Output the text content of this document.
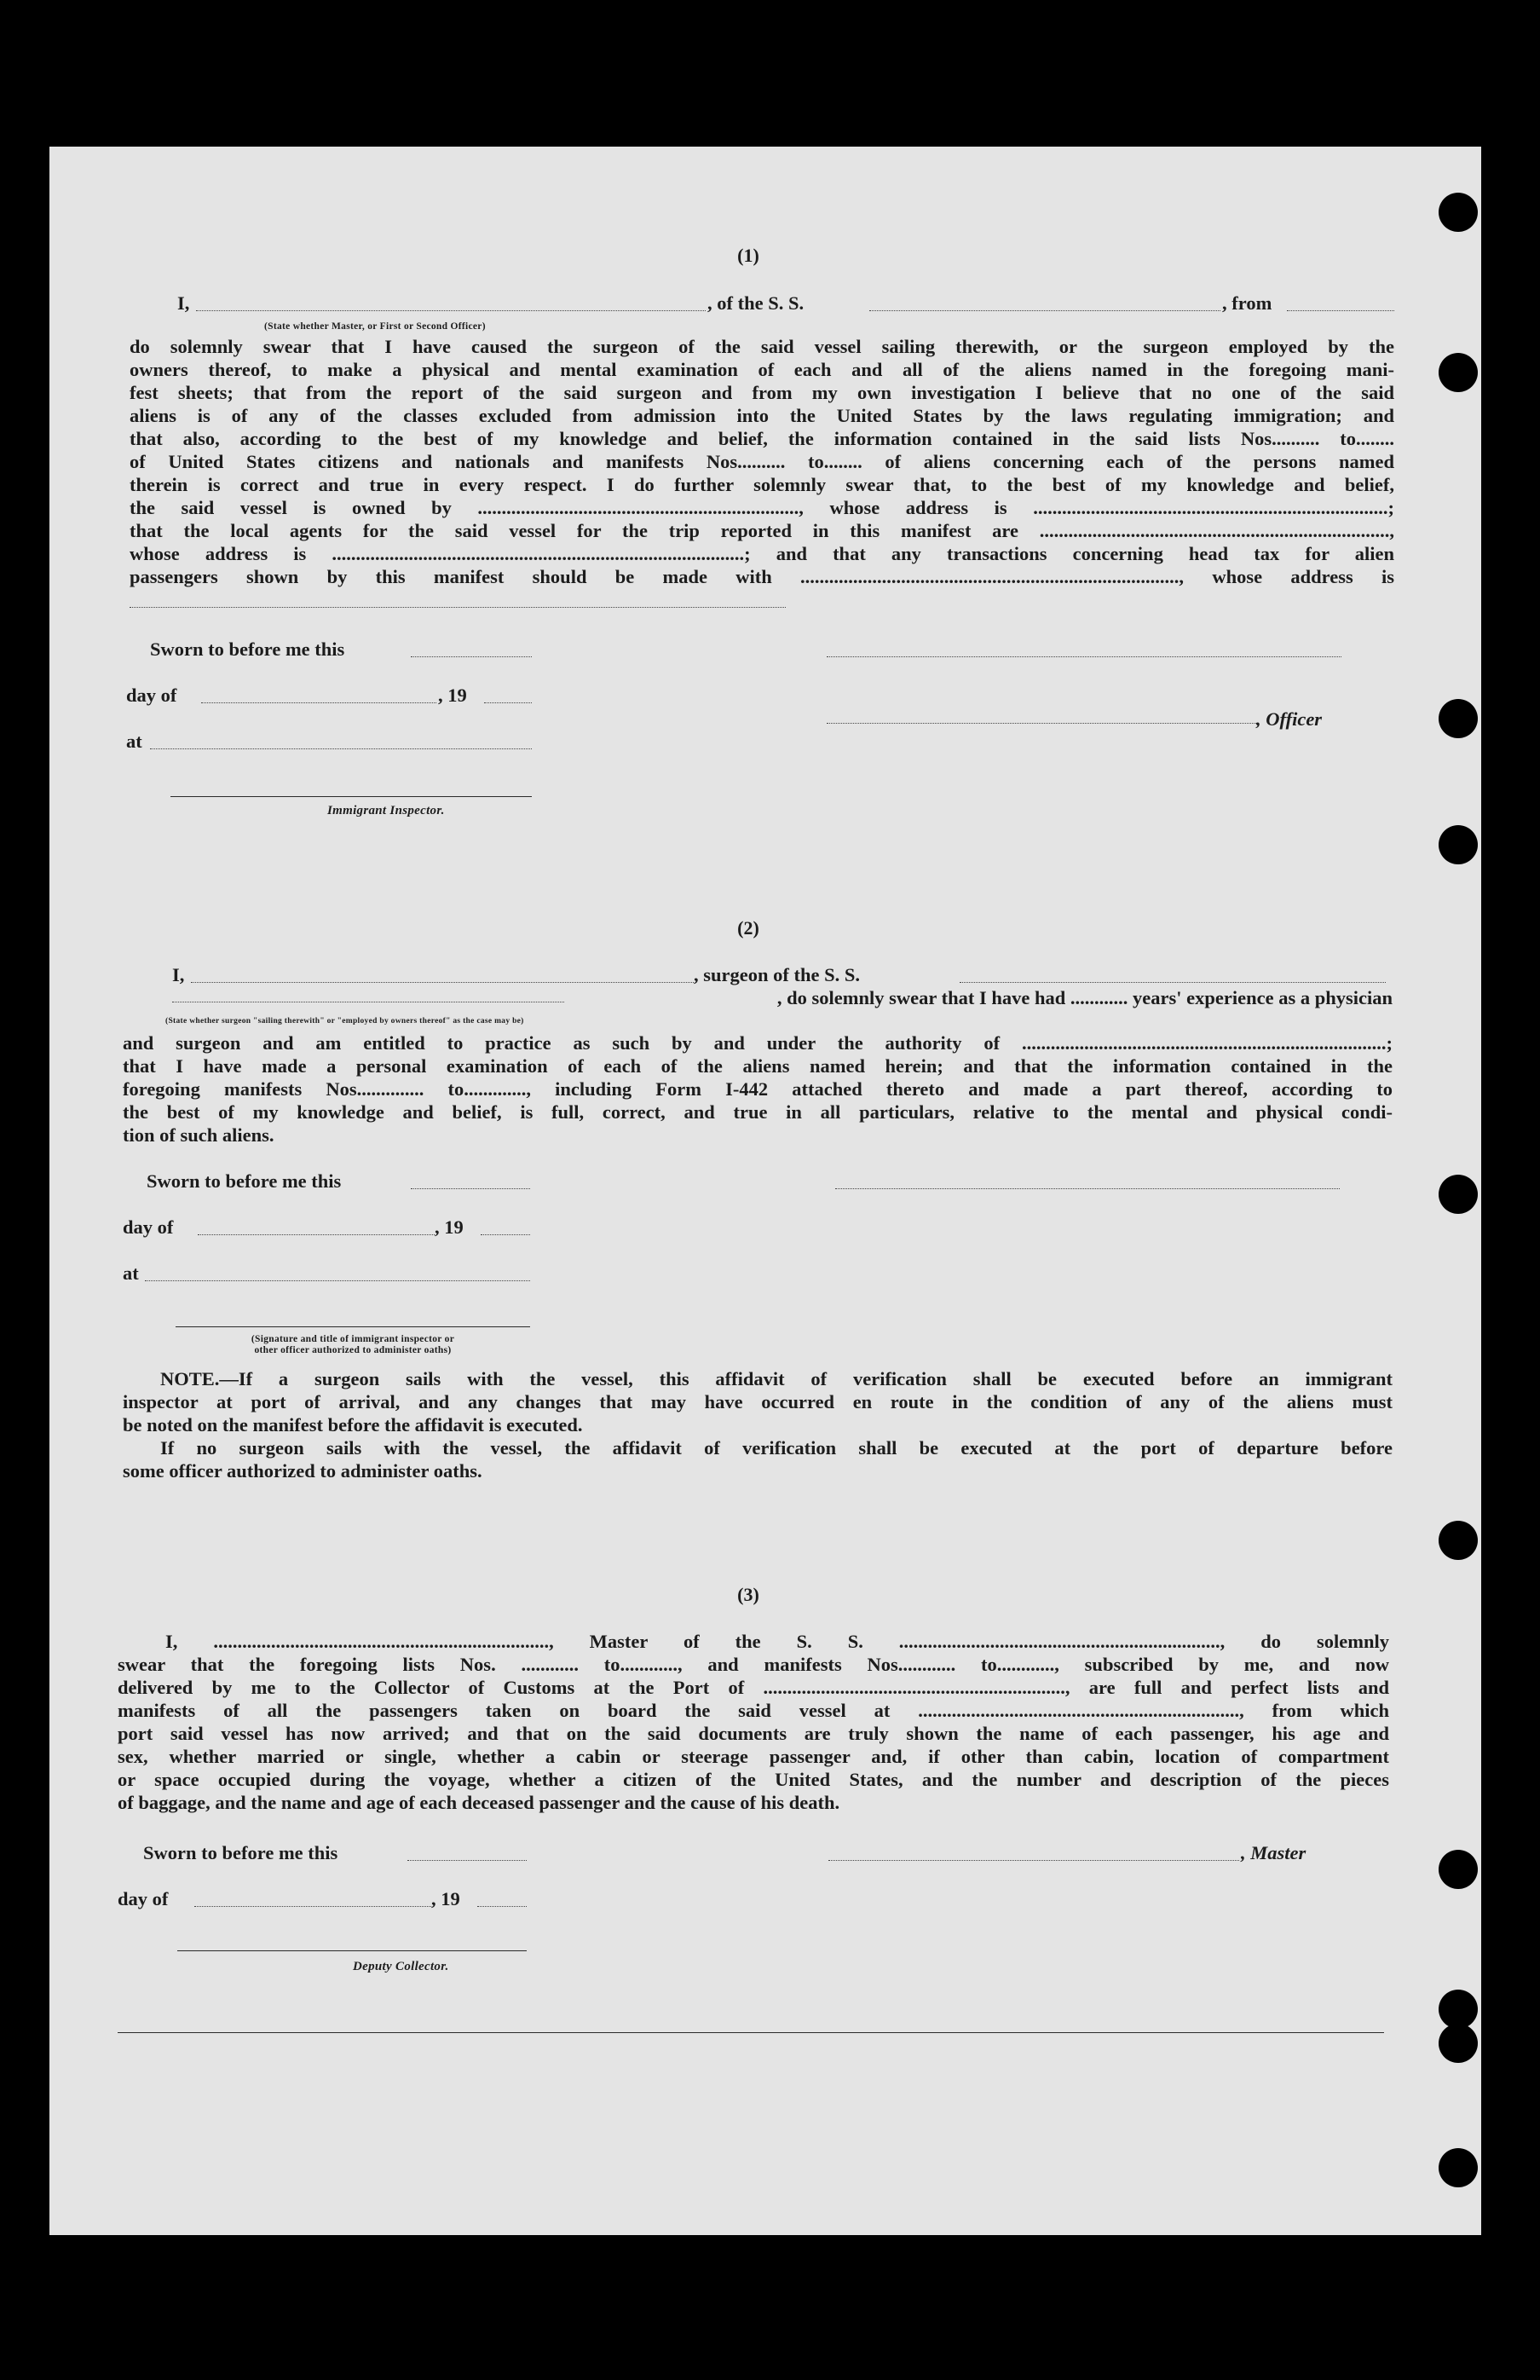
(1)
I,	, of the S. S.	, from
(State whether Master, or First or Second Officer)
do solemnly swear that I have caused the surgeon of the said vessel sailing therewith, or the surgeon employed by the
owners thereof, to make a physical and mental examination of each and all of the aliens named in the foregoing mani-
fest sheets; that from the report of the said surgeon and from my own investigation I believe that no one of the said
aliens is of any of the classes excluded from admission into the United States by the laws regulating immigration; and
that also, according to the best of my knowledge and belief, the information contained in the said lists Nos.......... to........
of United States citizens and nationals and manifests Nos.......... to........ of aliens concerning each of the persons named
therein is correct and true in every respect. I do further solemnly swear that, to the best of my knowledge and belief,
the said vessel is owned by ..................................................................., whose address is ..........................................................................;
that the local agents for the said vessel for the trip reported in this manifest are .........................................................................,
whose address is ......................................................................................; and that any transactions concerning head tax for alien
passengers shown by this manifest should be made with ..............................................................................., whose address is
Sworn to before me this
day of	, 19
, Officer
at
Immigrant Inspector.
(2)
I,	, surgeon of the S. S.
, do solemnly swear that I have had ............ years' experience as a physician
(State whether surgeon "sailing therewith" or "employed by owners thereof" as the case may be)
and surgeon and am entitled to practice as such by and under the authority of ............................................................................;
that I have made a personal examination of each of the aliens named herein; and that the information contained in the
foregoing manifests Nos.............. to............., including Form I-442 attached thereto and made a part thereof, according to
the best of my knowledge and belief, is full, correct, and true in all particulars, relative to the mental and physical condi-
tion of such aliens.
Sworn to before me this
day of	, 19
at
(Signature and title of immigrant inspector or
other officer authorized to administer oaths)
NOTE.—If a surgeon sails with the vessel, this affidavit of verification shall be executed before an immigrant
inspector at port of arrival, and any changes that may have occurred en route in the condition of any of the aliens must
be noted on the manifest before the affidavit is executed.
If no surgeon sails with the vessel, the affidavit of verification shall be executed at the port of departure before
some officer authorized to administer oaths.
(3)
I, ......................................................................, Master of the S. S. ..................................................................., do solemnly
swear that the foregoing lists Nos. ............ to............, and manifests Nos............ to............, subscribed by me, and now
delivered by me to the Collector of Customs at the Port of ..............................................................., are full and perfect lists and
manifests of all the passengers taken on board the said vessel at ..................................................................., from which
port said vessel has now arrived; and that on the said documents are truly shown the name of each passenger, his age and
sex, whether married or single, whether a cabin or steerage passenger and, if other than cabin, location of compartment
or space occupied during the voyage, whether a citizen of the United States, and the number and description of the pieces
of baggage, and the name and age of each deceased passenger and the cause of his death.
Sworn to before me this	, Master
day of	, 19
Deputy Collector.
